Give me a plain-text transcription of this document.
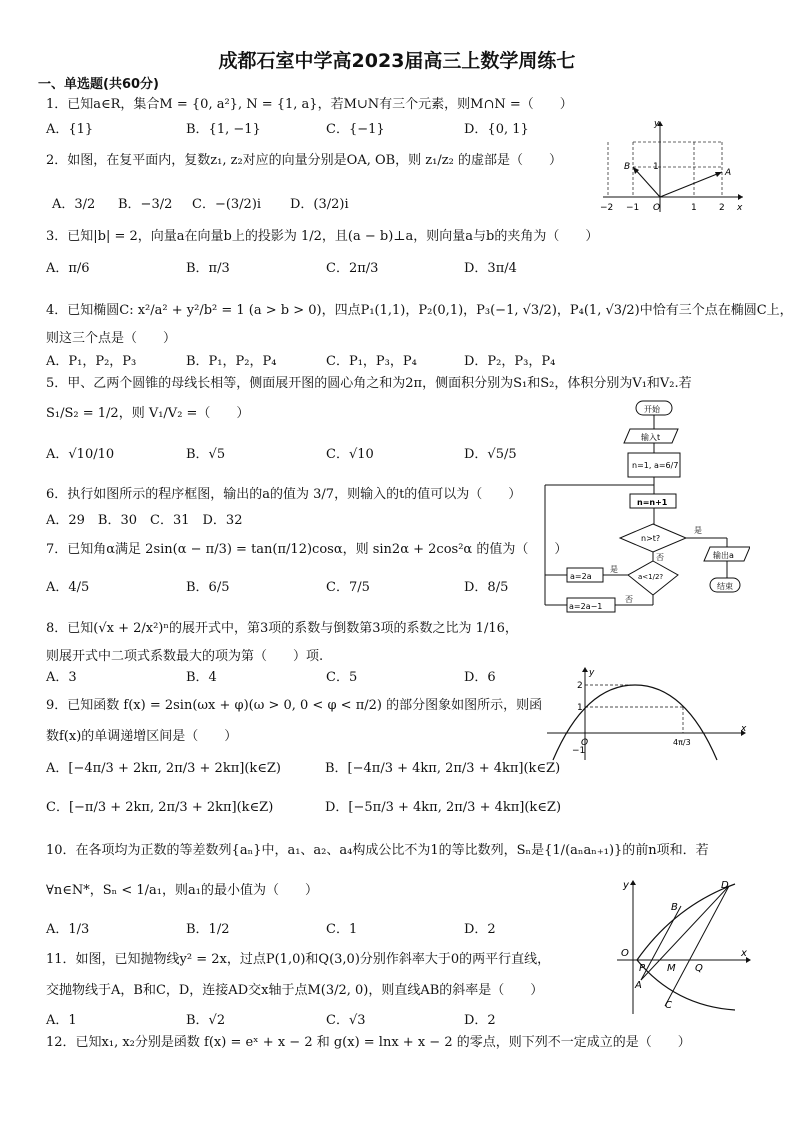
成都石室中学高2023届高三上数学周练七
一、单选题(共60分)
1．已知a∈R，集合M = {0, a²}, N = {1, a}，若M∪N有三个元素，则M∩N =（　　）
A．{1}	B．{1, −1}	C．{−1}	D．{0, 1}
2．如图，在复平面内，复数z₁, z₂对应的向量分别是OA, OB，则 z₁/z₂ 的虚部是（　　）
A．3/2 B．−3/2 C．−(3/2)i D．(3/2)i
3．已知|b| = 2，向量a在向量b上的投影为 1/2，且(a − b)⊥a，则向量a与b的夹角为（　　）
A．π/6	B．π/3	C．2π/3	D．3π/4
4．已知椭圆C: x²/a² + y²/b² = 1 (a > b > 0)，四点P₁(1,1)，P₂(0,1)，P₃(−1, √3/2)，P₄(1, √3/2)中恰有三个点在椭圆C上，
则这三个点是（　　）
A．P₁，P₂，P₃	B．P₁，P₂，P₄	C．P₁，P₃，P₄	D．P₂，P₃，P₄
5．甲、乙两个圆锥的母线长相等，侧面展开图的圆心角之和为2π，侧面积分别为S₁和S₂，体积分别为V₁和V₂.若
S₁/S₂ = 1/2，则 V₁/V₂ =（　　）
A．√10/10	B．√5	C．√10	D．√5/5
6．执行如图所示的程序框图，输出的a的值为 3/7，则输入的t的值可以为（　　）
A．29　B．30　C．31　D．32
7．已知角α满足 2sin(α − π/3) = tan(π/12)cosα，则 sin2α + 2cos²α 的值为（　　）
A．4/5	B．6/5	C．7/5	D．8/5
8．已知(√x + 2/x²)ⁿ的展开式中，第3项的系数与倒数第3项的系数之比为 1/16，
则展开式中二项式系数最大的项为第（　　）项.
A．3	B．4	C．5	D．6
9．已知函数 f(x) = 2sin(ωx + φ)(ω > 0, 0 < φ < π/2) 的部分图象如图所示，则函
数f(x)的单调递增区间是（　　）
A．[−4π/3 + 2kπ, 2π/3 + 2kπ](k∈Z)	B．[−4π/3 + 4kπ, 2π/3 + 4kπ](k∈Z)
C．[−π/3 + 2kπ, 2π/3 + 2kπ](k∈Z)	D．[−5π/3 + 4kπ, 2π/3 + 4kπ](k∈Z)
10．在各项均为正数的等差数列{aₙ}中，a₁、a₂、a₄构成公比不为1的等比数列，Sₙ是{1/(aₙaₙ₊₁)}的前n项和．若
∀n∈N*，Sₙ < 1/a₁，则a₁的最小值为（　　）
A．1/3	B．1/2	C．1	D．2
11．如图，已知抛物线y² = 2x，过点P(1,0)和Q(3,0)分别作斜率大于0的两平行直线，
交抛物线于A，B和C，D，连接AD交x轴于点M(3/2, 0)，则直线AB的斜率是（　　）
A．1	B．√2	C．√3	D．2
12．已知x₁, x₂分别是函数 f(x) = eˣ + x − 2 和 g(x) = lnx + x − 2 的零点，则下列不一定成立的是（　　）
A
B	1
−2 −1 O	1 2 x
y
开始
输入t
n=1, a=6/7
n=n+1
n>t?
是
否	输出a
结束
a<1/2?
是
否
a=2a
a=2a−1
2
1
−1
O
x
y
4π/3
O
P M Q
A
B
C
D
x
y
